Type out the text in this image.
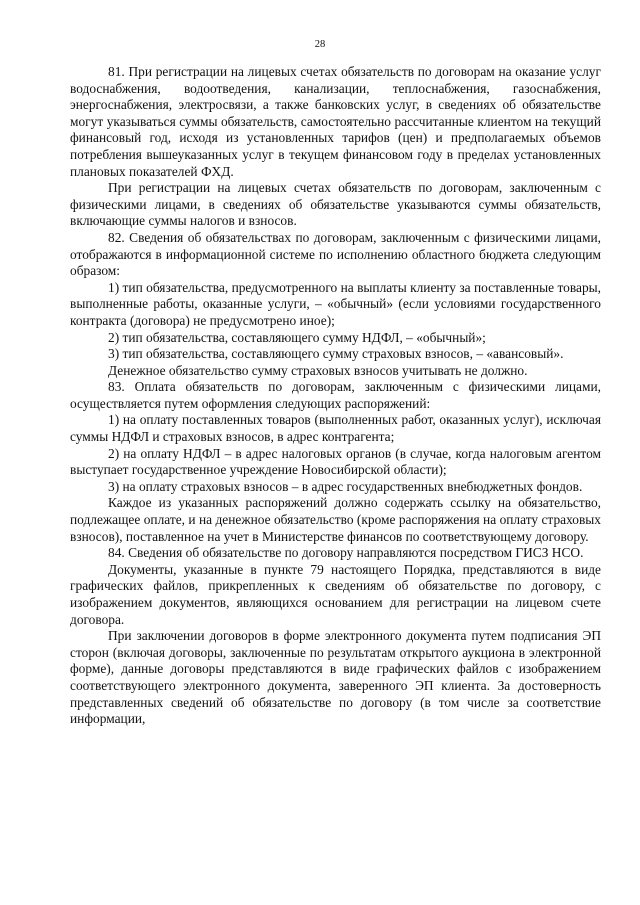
28

81. При регистрации на лицевых счетах обязательств по договорам на оказание услуг водоснабжения, водоотведения, канализации, теплоснабжения, газоснабжения, энергоснабжения, электросвязи, а также банковских услуг, в сведениях об обязательстве могут указываться суммы обязательств, самостоятельно рассчитанные клиентом на текущий финансовый год, исходя из установленных тарифов (цен) и предполагаемых объемов потребления вышеуказанных услуг в текущем финансовом году в пределах установленных плановых показателей ФХД.

При регистрации на лицевых счетах обязательств по договорам, заключенным с физическими лицами, в сведениях об обязательстве указываются суммы обязательств, включающие суммы налогов и взносов.

82. Сведения об обязательствах по договорам, заключенным с физическими лицами, отображаются в информационной системе по исполнению областного бюджета следующим образом:

1) тип обязательства, предусмотренного на выплаты клиенту за поставленные товары, выполненные работы, оказанные услуги, – «обычный» (если условиями государственного контракта (договора) не предусмотрено иное);

2) тип обязательства, составляющего сумму НДФЛ, – «обычный»;

3) тип обязательства, составляющего сумму страховых взносов, – «авансовый».

Денежное обязательство сумму страховых взносов учитывать не должно.

83. Оплата обязательств по договорам, заключенным с физическими лицами, осуществляется путем оформления следующих распоряжений:

1) на оплату поставленных товаров (выполненных работ, оказанных услуг), исключая суммы НДФЛ и страховых взносов, в адрес контрагента;

2) на оплату НДФЛ – в адрес налоговых органов (в случае, когда налоговым агентом выступает государственное учреждение Новосибирской области);

3) на оплату страховых взносов – в адрес государственных внебюджетных фондов.

Каждое из указанных распоряжений должно содержать ссылку на обязательство, подлежащее оплате, и на денежное обязательство (кроме распоряжения на оплату страховых взносов), поставленное на учет в Министерстве финансов по соответствующему договору.

84. Сведения об обязательстве по договору направляются посредством ГИСЗ НСО.

Документы, указанные в пункте 79 настоящего Порядка, представляются в виде графических файлов, прикрепленных к сведениям об обязательстве по договору, с изображением документов, являющихся основанием для регистрации на лицевом счете договора.

При заключении договоров в форме электронного документа путем подписания ЭП сторон (включая договоры, заключенные по результатам открытого аукциона в электронной форме), данные договоры представляются в виде графических файлов с изображением соответствующего электронного документа, заверенного ЭП клиента. За достоверность представленных сведений об обязательстве по договору (в том числе за соответствие информации,
